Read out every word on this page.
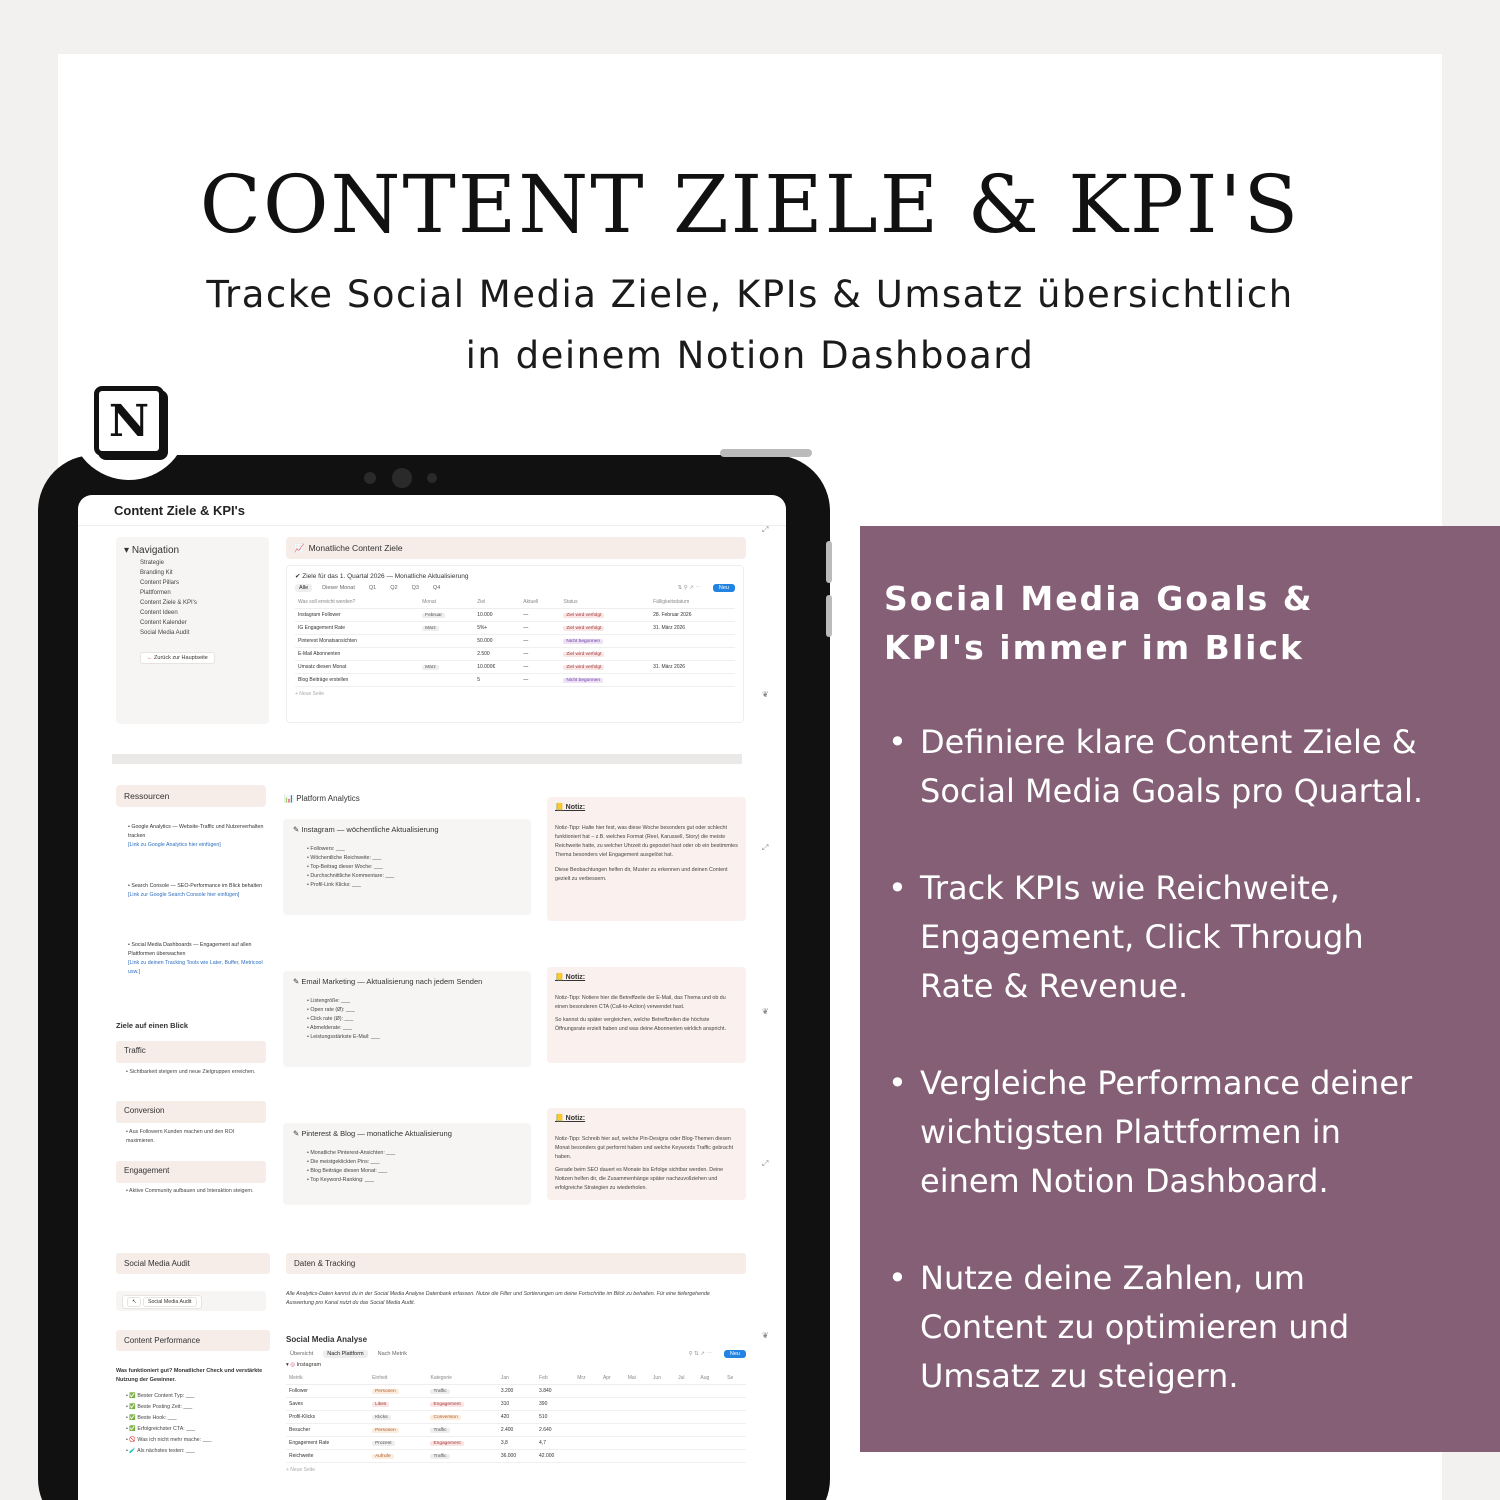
CONTENT ZIELE & KPI'S
Tracke Social Media Ziele, KPIs & Umsatz übersichtlich
in deinem Notion Dashboard
Content Ziele & KPI's
▾ Navigation
Strategie
Branding Kit
Content Pillars
Plattformen
Content Ziele & KPI's
Content Ideen
Content Kalender
Social Media Audit
← Zurück zur Hauptseite
📈 Monatliche Content Ziele
✔ Ziele für das 1. Quartal 2026 — Monatliche Aktualisierung
Alle	Dieser Monat	Q1	Q2	Q3	Q4	⇅ ⚲ ↗ ⋯	Neu
Was soll erreicht werden?	Monat	Ziel	Aktuell	Status	Fälligkeitsdatum
Instagram Follower	Februar	10.000	—	Ziel wird verfolgt	28. Februar 2026
IG Engagement Rate	März	5%+	—	Ziel wird verfolgt	31. März 2026
Pinterest Monatsansichten		50.000	—	Nicht begonnen	
E-Mail Abonnenten		2.500	—	Ziel wird verfolgt	
Umsatz diesen Monat	März	10.000€	—	Ziel wird verfolgt	31. März 2026
Blog Beiträge erstellen		5	—	Nicht begonnen	
+ Neue Seite
Ressourcen
• Google Analytics — Website-Traffic und Nutzerverhalten tracken
[Link zu Google Analytics hier einfügen]
• Search Console — SEO-Performance im Blick behalten
[Link zur Google Search Console hier einfügen]
• Social Media Dashboards — Engagement auf allen Plattformen überwachen
[Link zu deinen Tracking Tools wie Later, Buffer, Metricool usw.]
Ziele auf einen Blick
Traffic
• Sichtbarkeit steigern und neue Zielgruppen erreichen.
Conversion
• Aus Followern Kunden machen und den ROI maximieren.
Engagement
• Aktive Community aufbauen und Interaktion steigern.
📊 Platform Analytics
✎ Instagram — wöchentliche Aktualisierung
• Followers: ___
• Wöchentliche Reichweite: ___
• Top-Beitrag dieser Woche: ___
• Durchschnittliche Kommentare: ___
• Profil-Link Klicks: ___
✎ Email Marketing — Aktualisierung nach jedem Senden
• Listengröße: ___
• Open rate (Ø): ___
• Click rate (Ø): ___
• Abmelderate: ___
• Leistungsstärkste E-Mail: ___
✎ Pinterest & Blog — monatliche Aktualisierung
• Monatliche Pinterest-Ansichten: ___
• Die meistgeklickten Pins: ___
• Blog Beiträge diesen Monat: ___
• Top Keyword-Ranking: ___
📒 Notiz:
Notiz-Tipp: Halte hier fest, was diese Woche besonders gut oder schlecht funktioniert hat – z.B. welches Format (Reel, Karussell, Story) die meiste Reichweite hatte, zu welcher Uhrzeit du gepostet hast oder ob ein bestimmtes Thema besonders viel Engagement ausgelöst hat.
Diese Beobachtungen helfen dir, Muster zu erkennen und deinen Content gezielt zu verbessern.
📒 Notiz:
Notiz-Tipp: Notiere hier die Betreffzeile der E-Mail, das Thema und ob du einen besonderen CTA (Call-to-Action) verwendet hast.
So kannst du später vergleichen, welche Betreffzeilen die höchste Öffnungsrate erzielt haben und was deine Abonnenten wirklich anspricht.
📒 Notiz:
Notiz-Tipp: Schreib hier auf, welche Pin-Designs oder Blog-Themen diesen Monat besonders gut performt haben und welche Keywords Traffic gebracht haben.
Gerade beim SEO dauert es Monate bis Erfolge sichtbar werden. Deine Notizen helfen dir, die Zusammenhänge später nachzuvollziehen und erfolgreiche Strategien zu wiederholen.
Social Media Audit
↖ Social Media Audit
Content Performance
Was funktioniert gut? Monatlicher Check und verstärkte Nutzung der Gewinner.
• ✅ Bester Content Typ: ___
• ✅ Beste Posting Zeit: ___
• ✅ Beste Hook: ___
• ✅ Erfolgreichster CTA: ___
• 🚫 Was ich nicht mehr mache: ___
• 🧪 Als nächstes testen: ___
Daten & Tracking
Alle Analytics-Daten kannst du in der Social Media Analyse Datenbank erfassen. Nutze die Filter und Sortierungen um deine Fortschritte im Blick zu behalten. Für eine tiefergehende Auswertung pro Kanal nutzt du das Social Media Audit.
Social Media Analyse
Übersicht	Nach Plattform	Nach Metrik	⚲ ⇅ ↗ ⋯	Neu
▾ ◎ Instagram
Metrik	Einheit	Kategorie	Jan	Feb	Mrz	Apr	Mai	Jun	Jul	Aug	Se
Follower	Personen	Traffic	3.200	3.840							
Saves	Likes	Engagement	310	390							
Profil-Klicks	Klicks	Conversion	420	510							
Besucher	Personen	Traffic	2.400	2.640							
Engagement Rate	Prozent	Engagement	3,8	4,7							
Reichweite	Aufrufe	Traffic	36.000	42.000							
+ Neue Seite
⤢
❦
⤢
❦
⤢
❦
N
Social Media Goals &
KPI's immer im Blick
• Definiere klare Content Ziele &
Social Media Goals pro Quartal.
• Track KPIs wie Reichweite,
Engagement, Click Through
Rate & Revenue.
• Vergleiche Performance deiner
wichtigsten Plattformen in
einem Notion Dashboard.
• Nutze deine Zahlen, um
Content zu optimieren und
Umsatz zu steigern.
